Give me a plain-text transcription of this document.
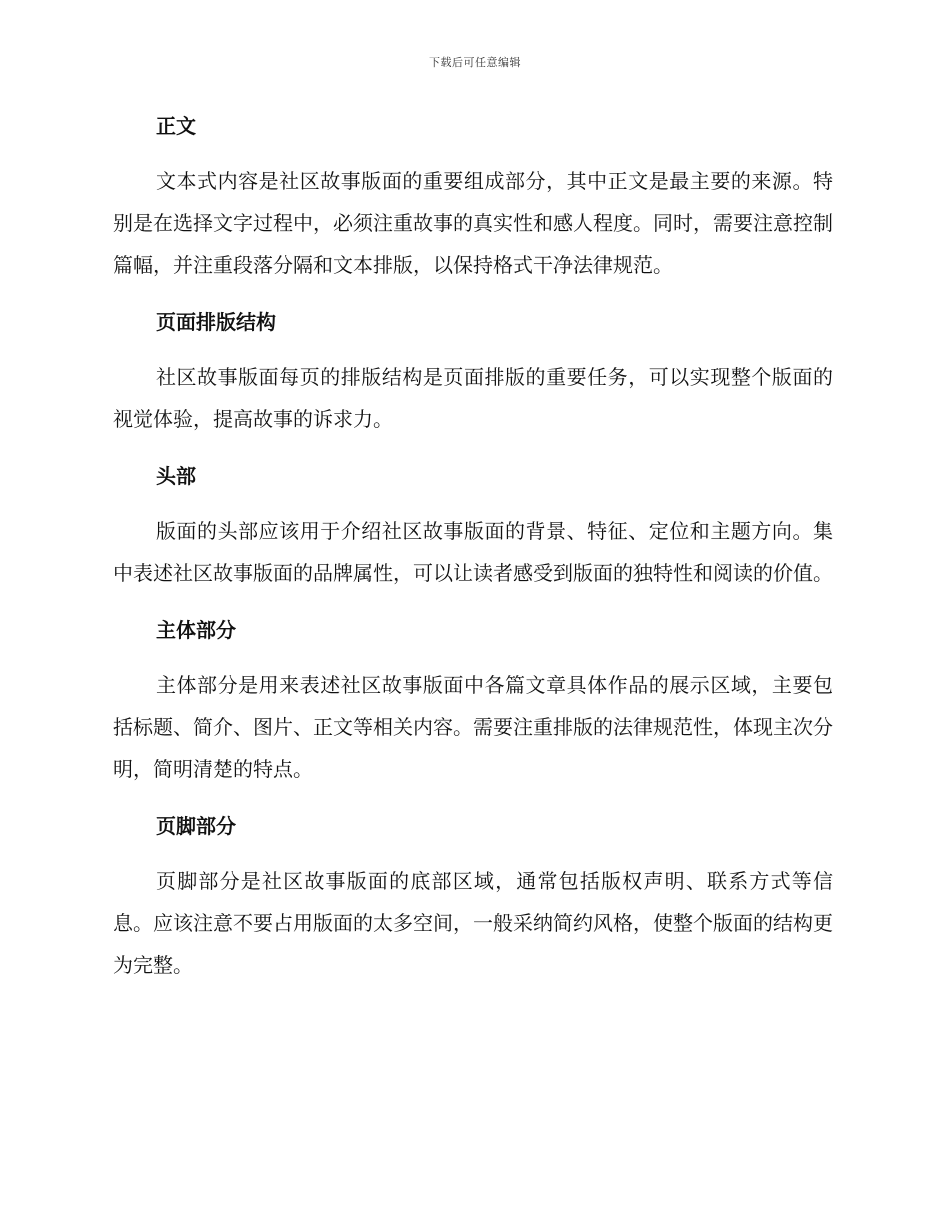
下载后可任意编辑
正文

文本式内容是社区故事版面的重要组成部分，其中正文是最主要的来源。特别是在选择文字过程中，必须注重故事的真实性和感人程度。同时，需要注意控制篇幅，并注重段落分隔和文本排版，以保持格式干净法律规范。

页面排版结构

社区故事版面每页的排版结构是页面排版的重要任务，可以实现整个版面的视觉体验，提高故事的诉求力。

头部

版面的头部应该用于介绍社区故事版面的背景、特征、定位和主题方向。集中表述社区故事版面的品牌属性，可以让读者感受到版面的独特性和阅读的价值。

主体部分

主体部分是用来表述社区故事版面中各篇文章具体作品的展示区域，主要包括标题、简介、图片、正文等相关内容。需要注重排版的法律规范性，体现主次分明，简明清楚的特点。

页脚部分

页脚部分是社区故事版面的底部区域，通常包括版权声明、联系方式等信息。应该注意不要占用版面的太多空间，一般采纳简约风格，使整个版面的结构更为完整。
